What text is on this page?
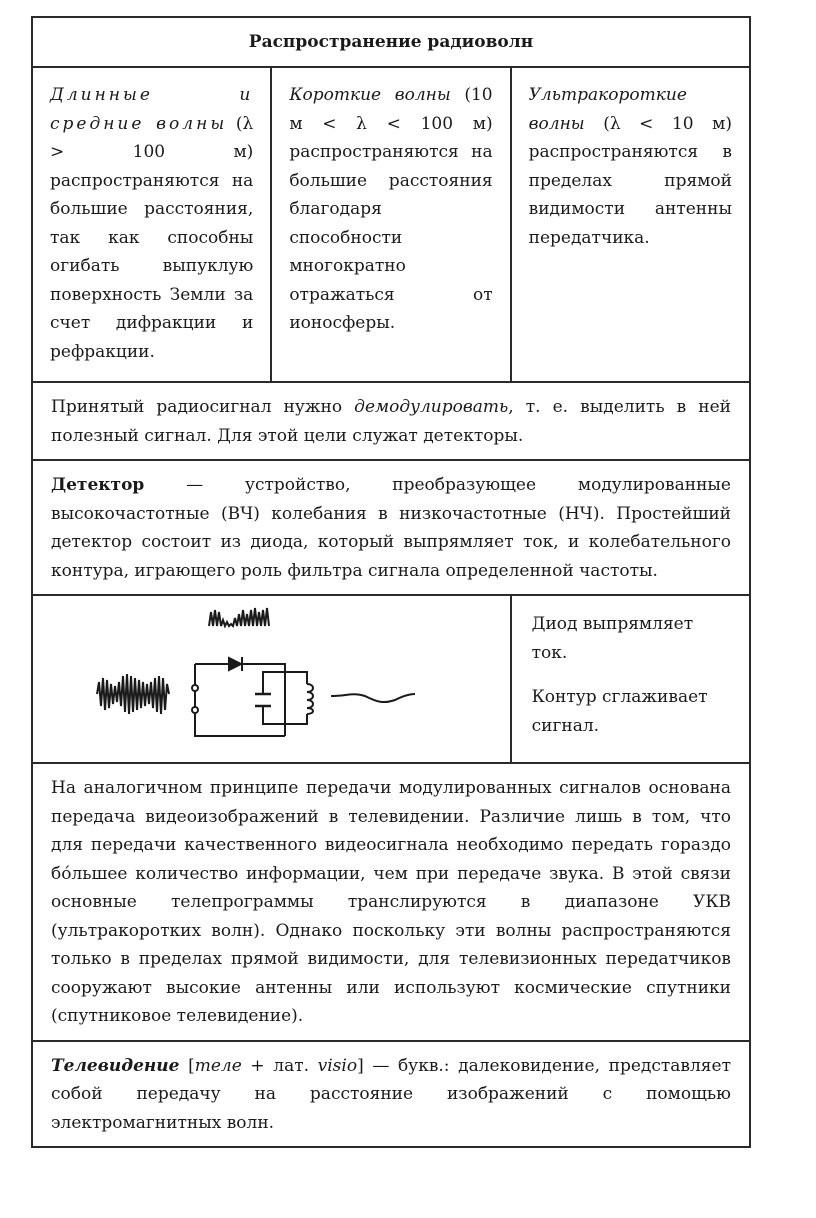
Распространение радиоволн					
Длинные и средние волны (λ > 100 м) распространяются на большие расстояния, так как способны огибать выпуклую поверхность Земли за счет дифракции и рефракции.		Короткие волны (10 м < λ < 100 м) распространяются на большие расстояния благодаря способности многократно отражаться от ионосферы.		Ультракороткие волны (λ < 10 м) распространяются в пределах прямой видимости антенны передатчика.	
Принятый радиосигнал нужно демодулировать, т. е. выделить в ней полезный сигнал. Для этой цели служат детекторы.					
Детектор — устройство, преобразующее модулированные высокочастотные (ВЧ) колебания в низкочастотные (НЧ). Простейший детектор состоит из диода, который выпрямляет ток, и колебательного контура, играющего роль фильтра сигнала определенной частоты.					

Диод выпрямляет ток.

Контур сглаживает сигнал.	

На аналогичном принципе передачи модулированных сигналов основана передача видеоизображений в телевидении. Различие лишь в том, что для передачи качественного видеосигнала необходимо передать гораздо бо́льшее количество информации, чем при передаче звука. В этой связи основные телепрограммы транслируются в диапазоне УКВ (ультракоротких волн). Однако поскольку эти волны распространяются только в пределах прямой видимости, для телевизионных передатчиков сооружают высокие антенны или используют космические спутники (спутниковое телевидение).					
Телевидение [теле + лат. visio] — букв.: далековидение, представляет собой передачу на расстояние изображений с помощью электромагнитных волн.					
